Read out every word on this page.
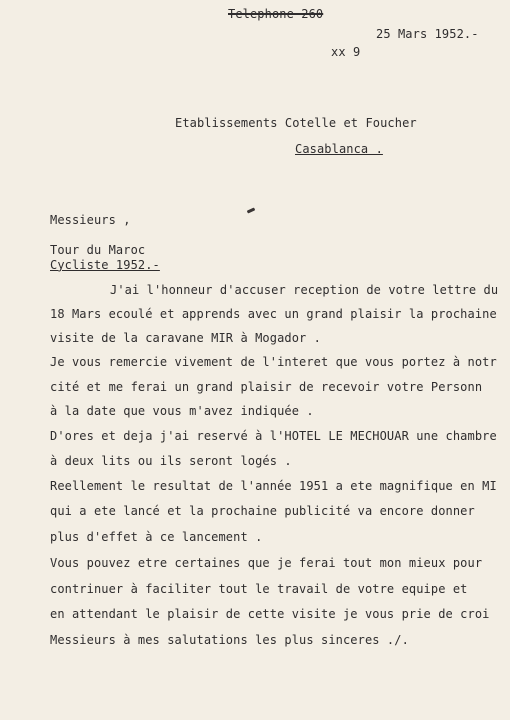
Telephone 260
25 Mars 1952.-
xx 9
Etablissements Cotelle et Foucher
Casablanca .
Messieurs ,
Tour du Maroc
Cycliste 1952.-
J'ai l'honneur d'accuser reception de votre lettre du
18 Mars ecoulé et apprends avec un grand plaisir la prochaine
visite de la caravane MIR à Mogador .
Je vous remercie vivement de l'interet que vous portez à notr
cité et me ferai un grand plaisir de recevoir votre Personn
à la date que vous m'avez indiquée .
D'ores et deja j'ai reservé à l'HOTEL LE MECHOUAR une chambre
à deux lits ou ils seront logés .
Reellement le resultat de l'année 1951 a ete magnifique en MI
qui a ete lancé et la prochaine publicité va encore donner
plus d'effet à ce lancement .
Vous pouvez etre certaines que je ferai tout mon mieux pour
contrinuer à faciliter tout le travail de votre equipe et
en attendant le plaisir de cette visite je vous prie de croi
Messieurs à mes salutations les plus sinceres ./.
